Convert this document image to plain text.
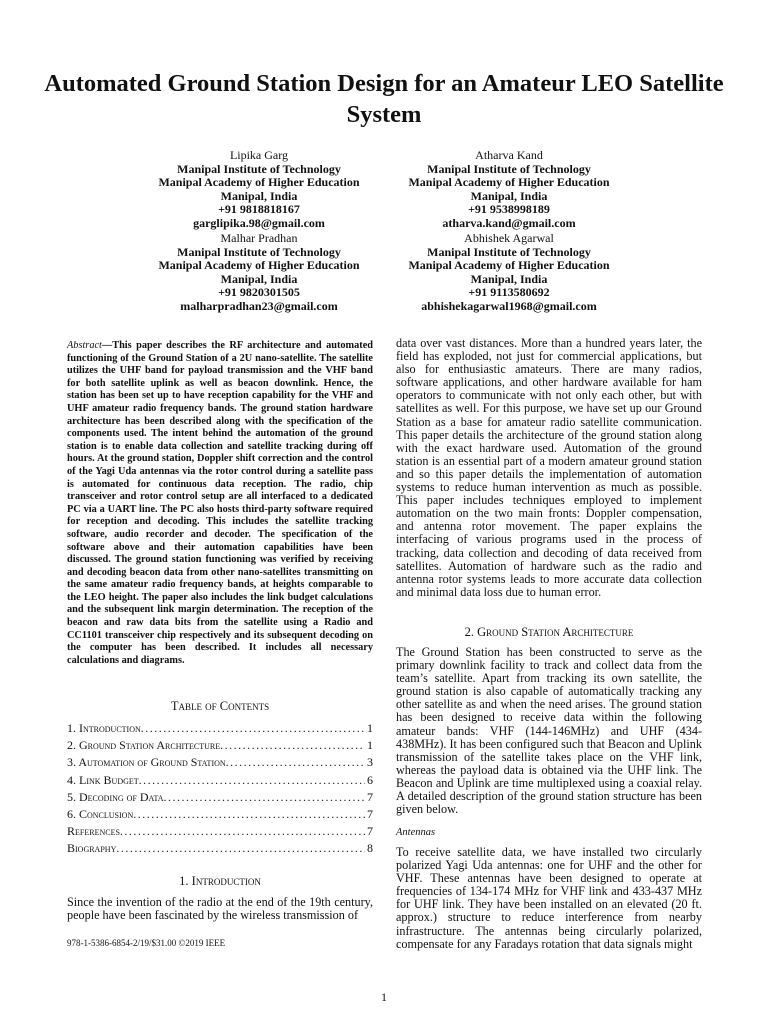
Automated Ground Station Design for an Amateur LEO Satellite System
Lipika Garg
Manipal Institute of Technology
Manipal Academy of Higher Education
Manipal, India
+91 9818818167
garglipika.98@gmail.com
Atharva Kand
Manipal Institute of Technology
Manipal Academy of Higher Education
Manipal, India
+91 9538998189
atharva.kand@gmail.com
Malhar Pradhan
Manipal Institute of Technology
Manipal Academy of Higher Education
Manipal, India
+91 9820301505
malharpradhan23@gmail.com
Abhishek Agarwal
Manipal Institute of Technology
Manipal Academy of Higher Education
Manipal, India
+91 9113580692
abhishekagarwal1968@gmail.com

Abstract—This paper describes the RF architecture and automated functioning of the Ground Station of a 2U nano-satellite. The satellite utilizes the UHF band for payload transmission and the VHF band for both satellite uplink as well as beacon downlink. Hence, the station has been set up to have reception capability for the VHF and UHF amateur radio frequency bands. The ground station hardware architecture has been described along with the specification of the components used. The intent behind the automation of the ground station is to enable data collection and satellite tracking during off hours. At the ground station, Doppler shift correction and the control of the Yagi Uda antennas via the rotor control during a satellite pass is automated for continuous data reception. The radio, chip transceiver and rotor control setup are all interfaced to a dedicated PC via a UART line. The PC also hosts third-party software required for reception and decoding. This includes the satellite tracking software, audio recorder and decoder. The specification of the software above and their automation capabilities have been discussed. The ground station functioning was verified by receiving and decoding beacon data from other nano-satellites transmitting on the same amateur radio frequency bands, at heights comparable to the LEO height. The paper also includes the link budget calculations and the subsequent link margin determination. The reception of the beacon and raw data bits from the satellite using a Radio and CC1101 transceiver chip respectively and its subsequent decoding on the computer has been described. It includes all necessary calculations and diagrams.

Table of Contents
1. Introduction .....	1
2. Ground Station Architecture .....	1
3. Automation of Ground Station .....	3
4. Link Budget .....	6
5. Decoding of Data .....	7
6. Conclusion .....	7
References .....	7
Biography .....	8
1. Introduction

Since the invention of the radio at the end of the 19th century, people have been fascinated by the wireless transmission of

data over vast distances. More than a hundred years later, the field has exploded, not just for commercial applications, but also for enthusiastic amateurs. There are many radios, software applications, and other hardware available for ham operators to communicate with not only each other, but with satellites as well. For this purpose, we have set up our Ground Station as a base for amateur radio satellite communication. This paper details the architecture of the ground station along with the exact hardware used. Automation of the ground station is an essential part of a modern amateur ground station and so this paper details the implementation of automation systems to reduce human intervention as much as possible. This paper includes techniques employed to implement automation on the two main fronts: Doppler compensation, and antenna rotor movement. The paper explains the interfacing of various programs used in the process of tracking, data collection and decoding of data received from satellites. Automation of hardware such as the radio and antenna rotor systems leads to more accurate data collection and minimal data loss due to human error.

2. Ground Station Architecture

The Ground Station has been constructed to serve as the primary downlink facility to track and collect data from the team’s satellite. Apart from tracking its own satellite, the ground station is also capable of automatically tracking any other satellite as and when the need arises. The ground station has been designed to receive data within the following amateur bands: VHF (144-146MHz) and UHF (434-438MHz). It has been configured such that Beacon and Uplink transmission of the satellite takes place on the VHF link, whereas the payload data is obtained via the UHF link. The Beacon and Uplink are time multiplexed using a coaxial relay. A detailed description of the ground station structure has been given below.

Antennas

To receive satellite data, we have installed two circularly polarized Yagi Uda antennas: one for UHF and the other for VHF. These antennas have been designed to operate at frequencies of 134-174 MHz for VHF link and 433-437 MHz for UHF link. They have been installed on an elevated (20 ft. approx.) structure to reduce interference from nearby infrastructure. The antennas being circularly polarized, compensate for any Faradays rotation that data signals might

978-1-5386-6854-2/19/$31.00 ©2019 IEEE

1
